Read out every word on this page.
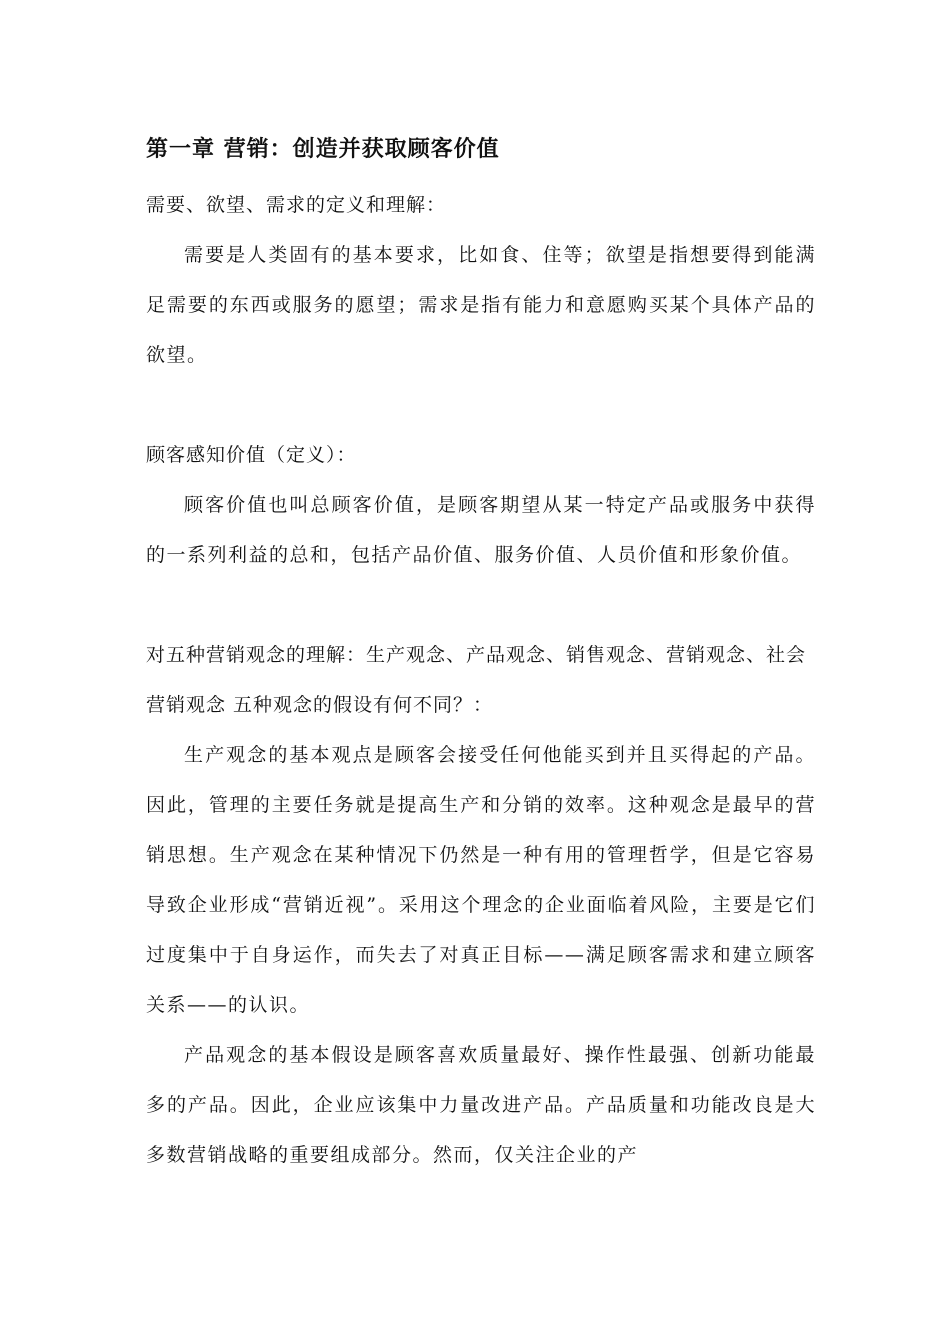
第一章 营销：创造并获取顾客价值

需要、欲望、需求的定义和理解：

需要是人类固有的基本要求，比如食、住等；欲望是指想要得到能满足需要的东西或服务的愿望；需求是指有能力和意愿购买某个具体产品的欲望。

顾客感知价值（定义）：

顾客价值也叫总顾客价值，是顾客期望从某一特定产品或服务中获得的一系列利益的总和，包括产品价值、服务价值、人员价值和形象价值。

对五种营销观念的理解：生产观念、产品观念、销售观念、营销观念、社会营销观念 五种观念的假设有何不同？：

生产观念的基本观点是顾客会接受任何他能买到并且买得起的产品。因此，管理的主要任务就是提高生产和分销的效率。这种观念是最早的营销思想。生产观念在某种情况下仍然是一种有用的管理哲学，但是它容易导致企业形成“营销近视”。采用这个理念的企业面临着风险，主要是它们过度集中于自身运作，而失去了对真正目标——满足顾客需求和建立顾客关系——的认识。

产品观念的基本假设是顾客喜欢质量最好、操作性最强、创新功能最多的产品。因此，企业应该集中力量改进产品。产品质量和功能改良是大多数营销战略的重要组成部分。然而，仅关注企业的产
